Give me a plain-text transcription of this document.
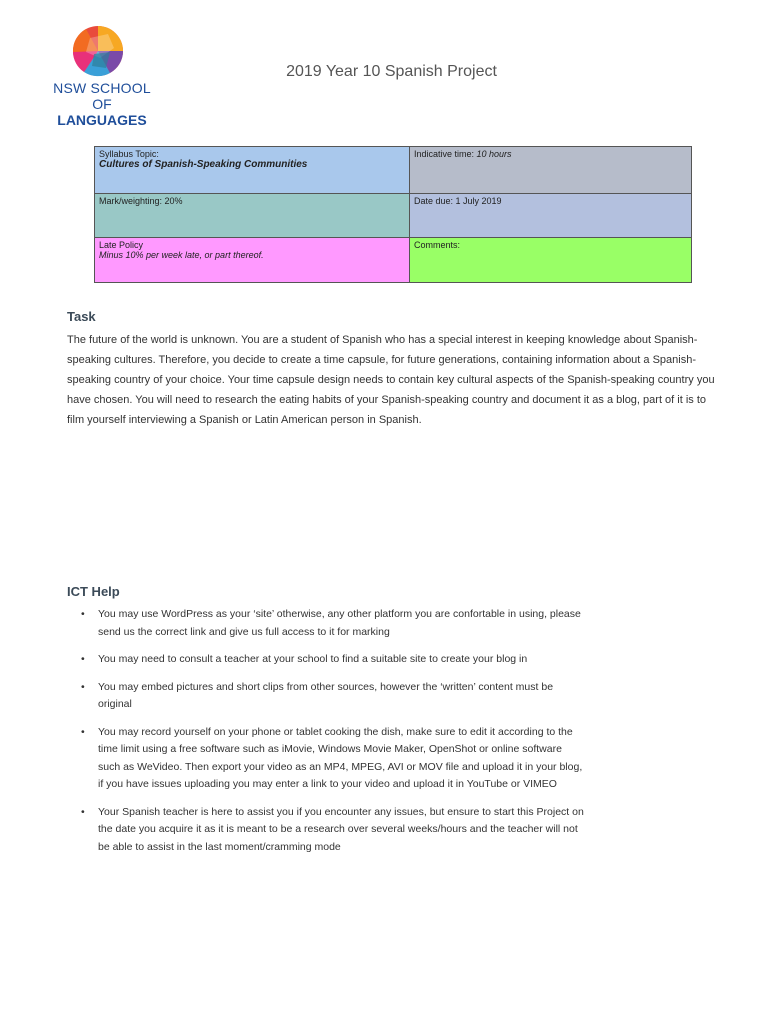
NSW SCHOOL
OF LANGUAGES
2019 Year 10 Spanish Project
Syllabus Topic:
Cultures of Spanish-Speaking Communities	Indicative time: 10 hours

Mark/weighting: 20%	Date due: 1 July 2019

Late Policy
Minus 10% per week late, or part thereof.	Comments:
Task
The future of the world is unknown. You are a student of Spanish who has a special interest in keeping knowledge about Spanish-speaking cultures. Therefore, you decide to create a time capsule, for future generations, containing information about a Spanish-speaking country of your choice. Your time capsule design needs to contain key cultural aspects of the Spanish-speaking country you have chosen. You will need to research the eating habits of your Spanish-speaking country and document it as a blog, part of it is to film yourself interviewing a Spanish or Latin American person in Spanish.
ICT Help
• You may use WordPress as your ‘site’ otherwise, any other platform you are confortable in using, please send us the correct link and give us full access to it for marking
• You may need to consult a teacher at your school to find a suitable site to create your blog in
• You may embed pictures and short clips from other sources, however the ‘written’ content must be original
• You may record yourself on your phone or tablet cooking the dish, make sure to edit it according to the time limit using a free software such as iMovie, Windows Movie Maker, OpenShot or online software such as WeVideo. Then export your video as an MP4, MPEG, AVI or MOV file and upload it in your blog, if you have issues uploading you may enter a link to your video and upload it in YouTube or VIMEO
• Your Spanish teacher is here to assist you if you encounter any issues, but ensure to start this Project on the date you acquire it as it is meant to be a research over several weeks/hours and the teacher will not be able to assist in the last moment/cramming mode
